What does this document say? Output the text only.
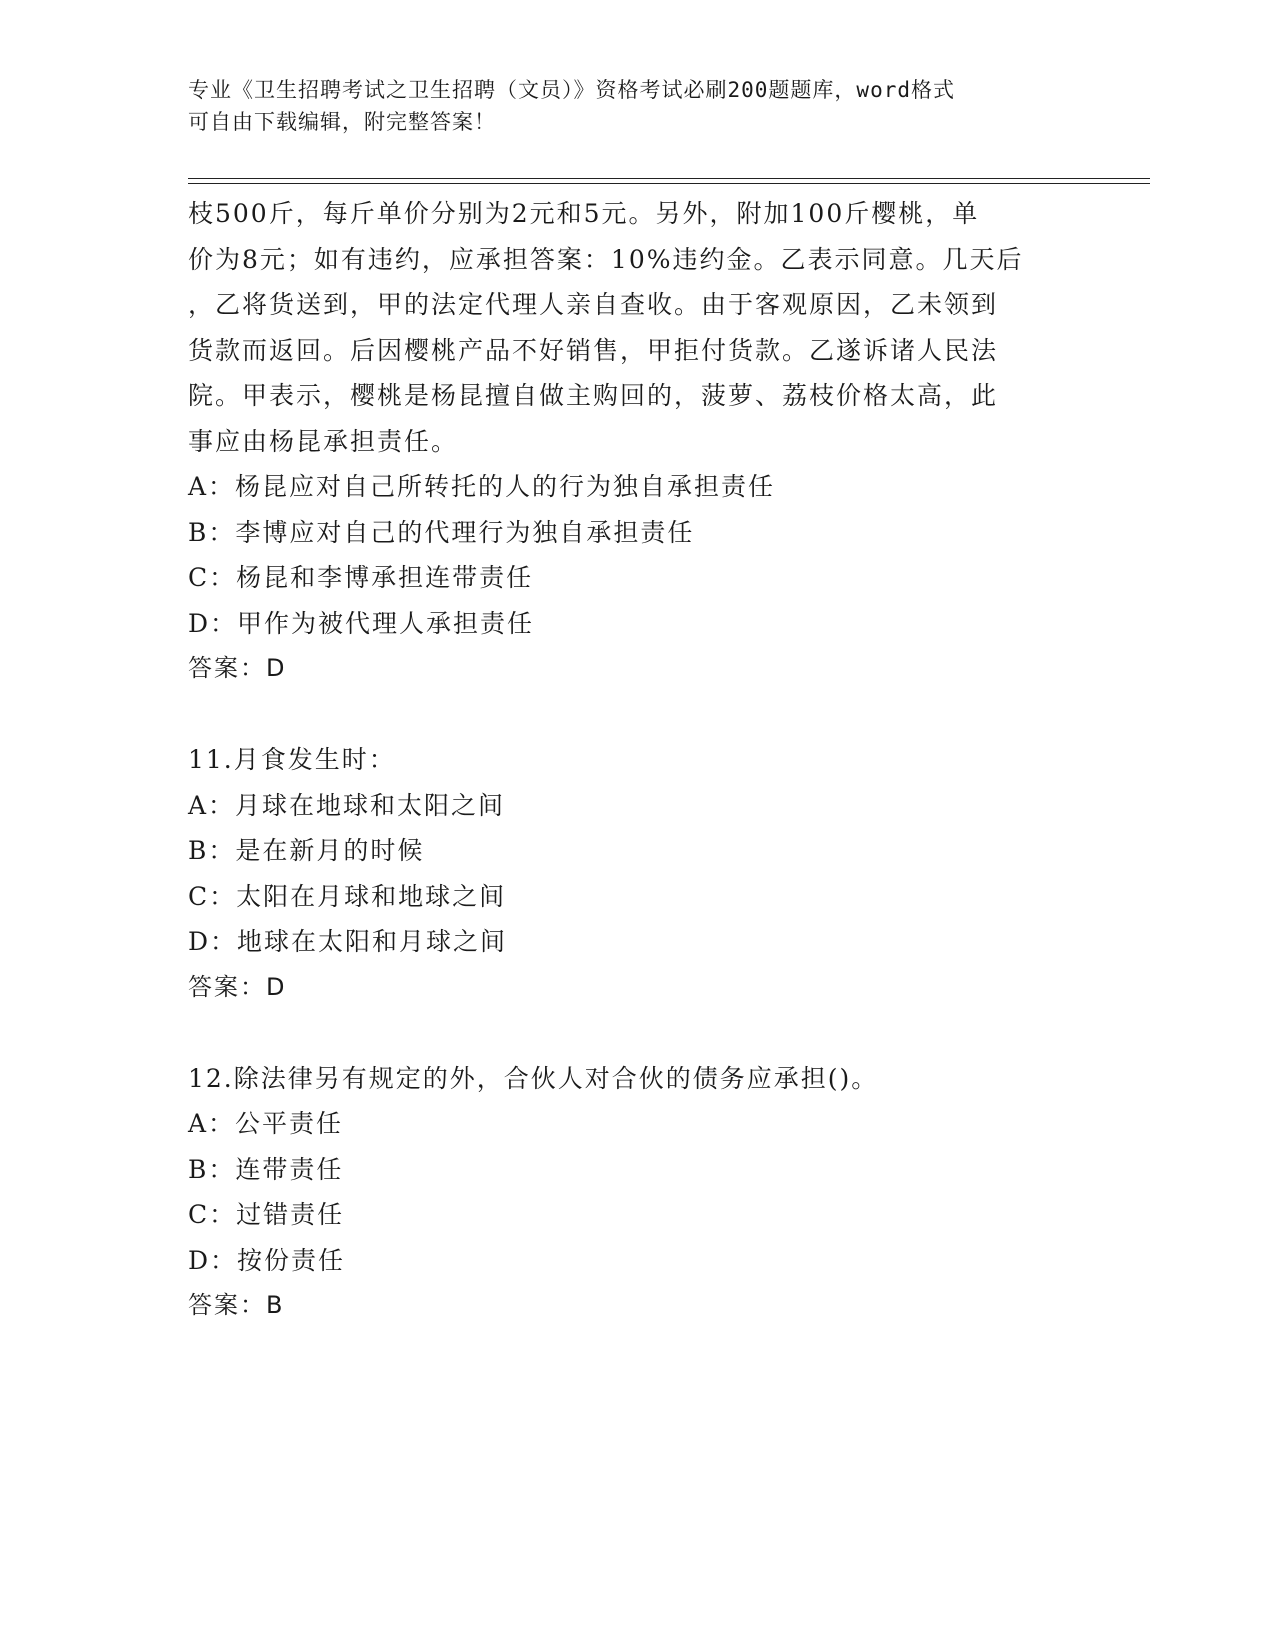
专业《卫生招聘考试之卫生招聘（文员）》资格考试必刷200题题库，word格式
可自由下载编辑，附完整答案！
枝500斤，每斤单价分别为2元和5元。另外，附加100斤樱桃，单
价为8元；如有违约，应承担答案：10%违约金。乙表示同意。几天后
，乙将货送到，甲的法定代理人亲自查收。由于客观原因，乙未领到
货款而返回。后因樱桃产品不好销售，甲拒付货款。乙遂诉诸人民法
院。甲表示，樱桃是杨昆擅自做主购回的，菠萝、荔枝价格太高，此
事应由杨昆承担责任。
A：杨昆应对自己所转托的人的行为独自承担责任
B：李博应对自己的代理行为独自承担责任
C：杨昆和李博承担连带责任
D：甲作为被代理人承担责任
答案：D
11.月食发生时：
A：月球在地球和太阳之间
B：是在新月的时候
C：太阳在月球和地球之间
D：地球在太阳和月球之间
答案：D
12.除法律另有规定的外，合伙人对合伙的债务应承担()。
A：公平责任
B：连带责任
C：过错责任
D：按份责任
答案：B
